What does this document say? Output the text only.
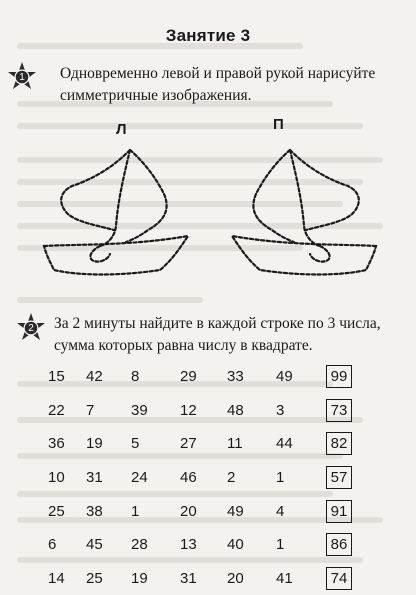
Занятие 3
1	Одновременно левой и правой рукой нарисуйте симметричные изображения.
Л	П
2	За 2 минуты найдите в каждой строке по 3 числа, сумма которых равна числу в квадрате.
15	42	8	29	33	49	99
22	7	39	12	48	3	73
36	19	5	27	11	44	82
10	31	24	46	2	1	57
25	38	1	20	49	4	91
6	45	28	13	40	1	86
14	25	19	31	20	41	74
